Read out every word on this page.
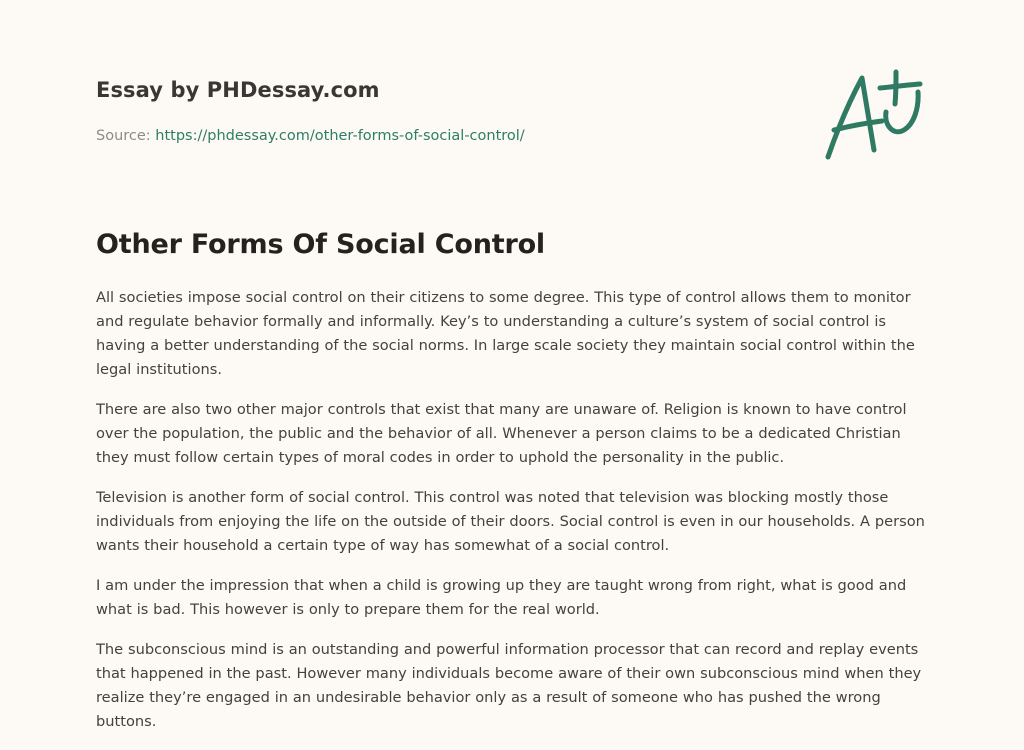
Essay by PHDessay.com
Source: https://phdessay.com/other-forms-of-social-control/
Other Forms Of Social Control

All societies impose social control on their citizens to some degree. This type of control allows them to monitor and regulate behavior formally and informally. Key’s to understanding a culture’s system of social control is having a better understanding of the social norms. In large scale society they maintain social control within the legal institutions.

There are also two other major controls that exist that many are unaware of. Religion is known to have control over the population, the public and the behavior of all. Whenever a person claims to be a dedicated Christian they must follow certain types of moral codes in order to uphold the personality in the public.

Television is another form of social control. This control was noted that television was blocking mostly those individuals from enjoying the life on the outside of their doors. Social control is even in our households. A person wants their household a certain type of way has somewhat of a social control.

I am under the impression that when a child is growing up they are taught wrong from right, what is good and what is bad. This however is only to prepare them for the real world.

The subconscious mind is an outstanding and powerful information processor that can record and replay events that happened in the past. However many individuals become aware of their own subconscious mind when they realize they’re engaged in an undesirable behavior only as a result of someone who has pushed the wrong buttons.
